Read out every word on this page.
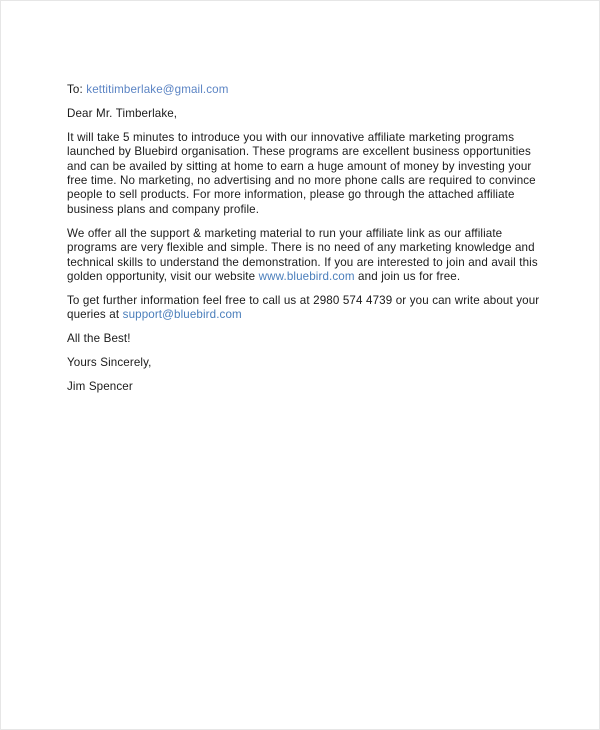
To: kettitimberlake@gmail.com
Dear Mr. Timberlake,

It will take 5 minutes to introduce you with our innovative affiliate marketing programs launched by Bluebird organisation. These programs are excellent business opportunities and can be availed by sitting at home to earn a huge amount of money by investing your free time. No marketing, no advertising and no more phone calls are required to convince people to sell products. For more information, please go through the attached affiliate business plans and company profile.

We offer all the support & marketing material to run your affiliate link as our affiliate programs are very flexible and simple. There is no need of any marketing knowledge and technical skills to understand the demonstration. If you are interested to join and avail this golden opportunity, visit our website www.bluebird.com and join us for free.

To get further information feel free to call us at 2980 574 4739 or you can write about your queries at support@bluebird.com

All the Best!
Yours Sincerely,
Jim Spencer
